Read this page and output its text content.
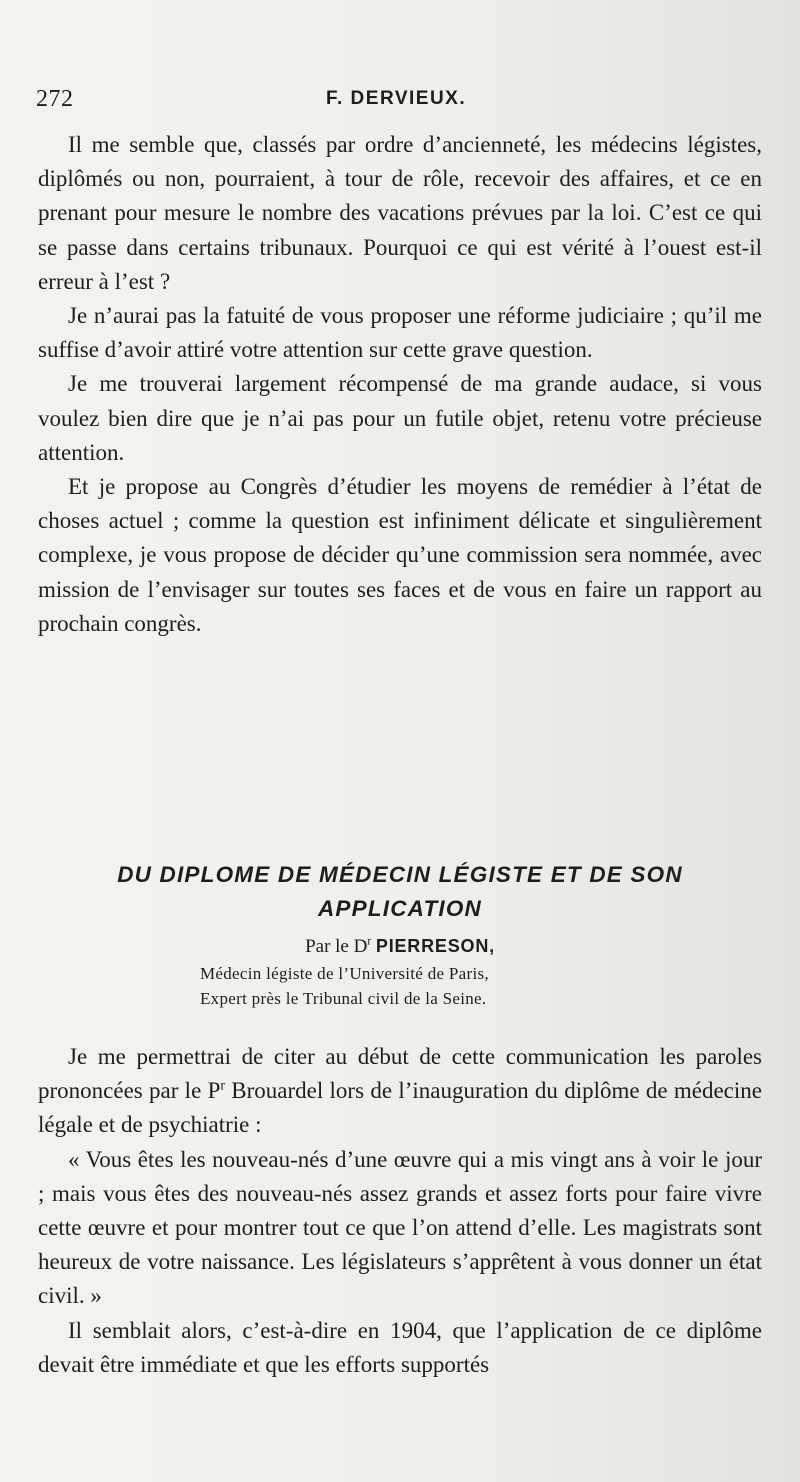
272	F. DERVIEUX.

Il me semble que, classés par ordre d’ancienneté, les médecins légistes, diplômés ou non, pourraient, à tour de rôle, recevoir des affaires, et ce en prenant pour mesure le nombre des vacations prévues par la loi. C’est ce qui se passe dans certains tribunaux. Pourquoi ce qui est vérité à l’ouest est-il erreur à l’est ?

Je n’aurai pas la fatuité de vous proposer une réforme judiciaire ; qu’il me suffise d’avoir attiré votre attention sur cette grave question.

Je me trouverai largement récompensé de ma grande audace, si vous voulez bien dire que je n’ai pas pour un futile objet, retenu votre précieuse attention.

Et je propose au Congrès d’étudier les moyens de remédier à l’état de choses actuel ; comme la question est infiniment délicate et singulièrement complexe, je vous propose de décider qu’une commission sera nommée, avec mission de l’envisager sur toutes ses faces et de vous en faire un rapport au prochain congrès.

DU DIPLOME DE MÉDECIN LÉGISTE ET DE SON APPLICATION
Par le $D^r$ PIERRESON,
Médecin légiste de l’Université de Paris,
Expert près le Tribunal civil de la Seine.

Je me permettrai de citer au début de cette communication les paroles prononcées par le $P^r$ Brouardel lors de l’inauguration du diplôme de médecine légale et de psychiatrie :

« Vous êtes les nouveau-nés d’une œuvre qui a mis vingt ans à voir le jour ; mais vous êtes des nouveau-nés assez grands et assez forts pour faire vivre cette œuvre et pour montrer tout ce que l’on attend d’elle. Les magistrats sont heureux de votre naissance. Les législateurs s’apprêtent à vous donner un état civil. »

Il semblait alors, c’est-à-dire en 1904, que l’application de ce diplôme devait être immédiate et que les efforts supportés
